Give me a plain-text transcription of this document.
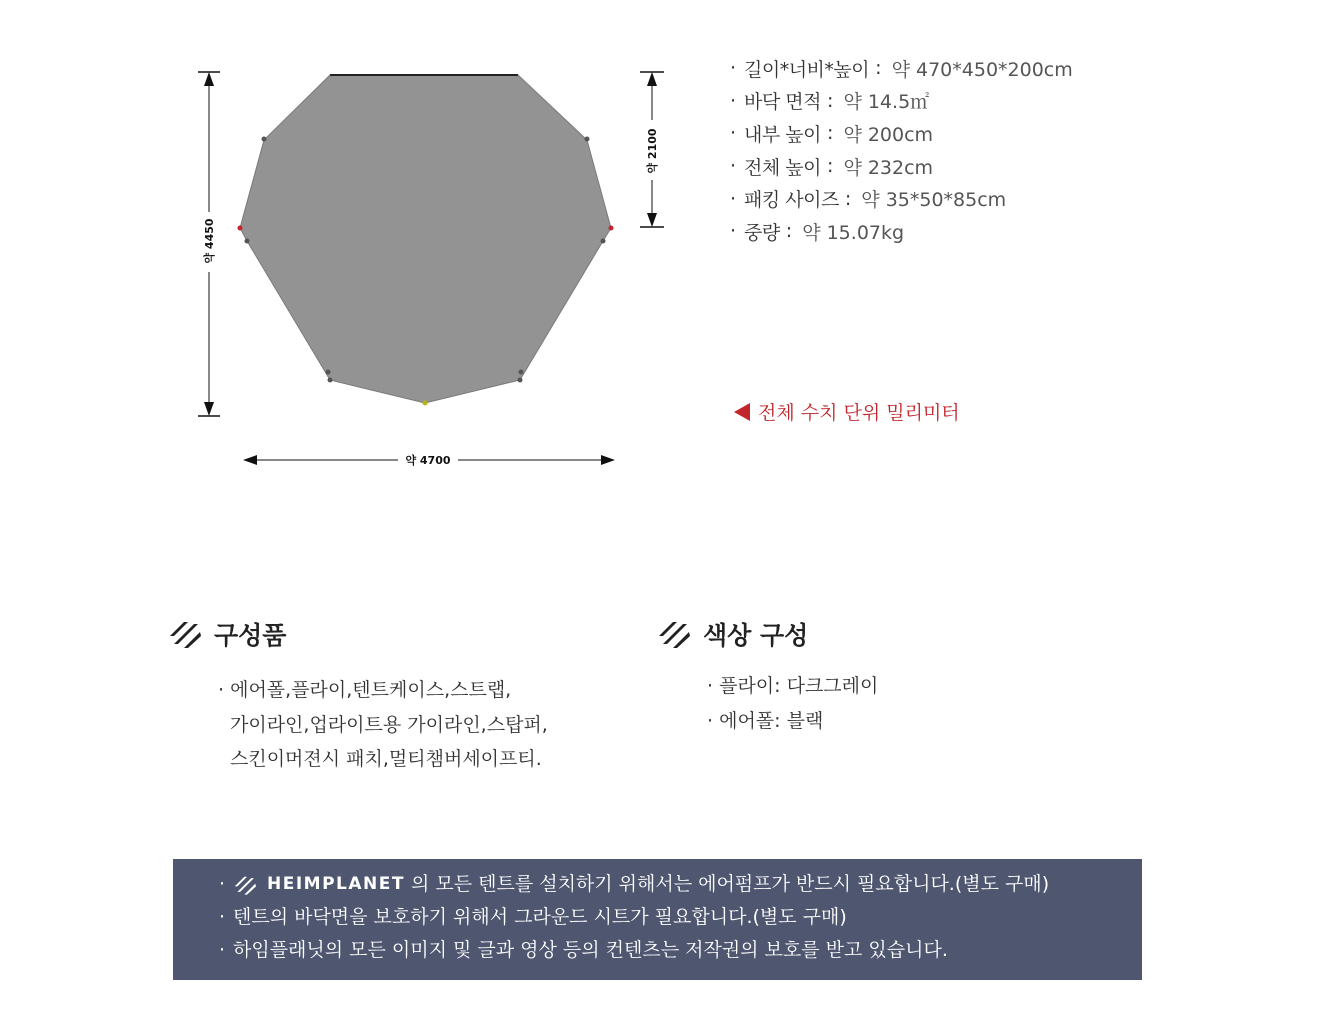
약 4450
약 2100
약 4700
· 길이*너비*높이 : 약 470*450*200cm
· 바닥 면적 : 약 14.5㎡
· 내부 높이 : 약 200cm
· 전체 높이 : 약 232cm
· 패킹 사이즈 : 약 35*50*85cm
· 중량 : 약 15.07kg
전체 수치 단위 밀리미터
구성품
· 에어폴,플라이,텐트케이스,스트랩,
가이라인,업라이트용 가이라인,스탑퍼,
스킨이머젼시 패치,멀티챔버세이프티.
색상 구성
· 플라이: 다크그레이
· 에어폴: 블랙
·	HEIMPLANET 의 모든 텐트를 설치하기 위해서는 에어펌프가 반드시 필요합니다.(별도 구매)
· 텐트의 바닥면을 보호하기 위해서 그라운드 시트가 필요합니다.(별도 구매)
· 하임플래닛의 모든 이미지 및 글과 영상 등의 컨텐츠는 저작권의 보호를 받고 있습니다.
